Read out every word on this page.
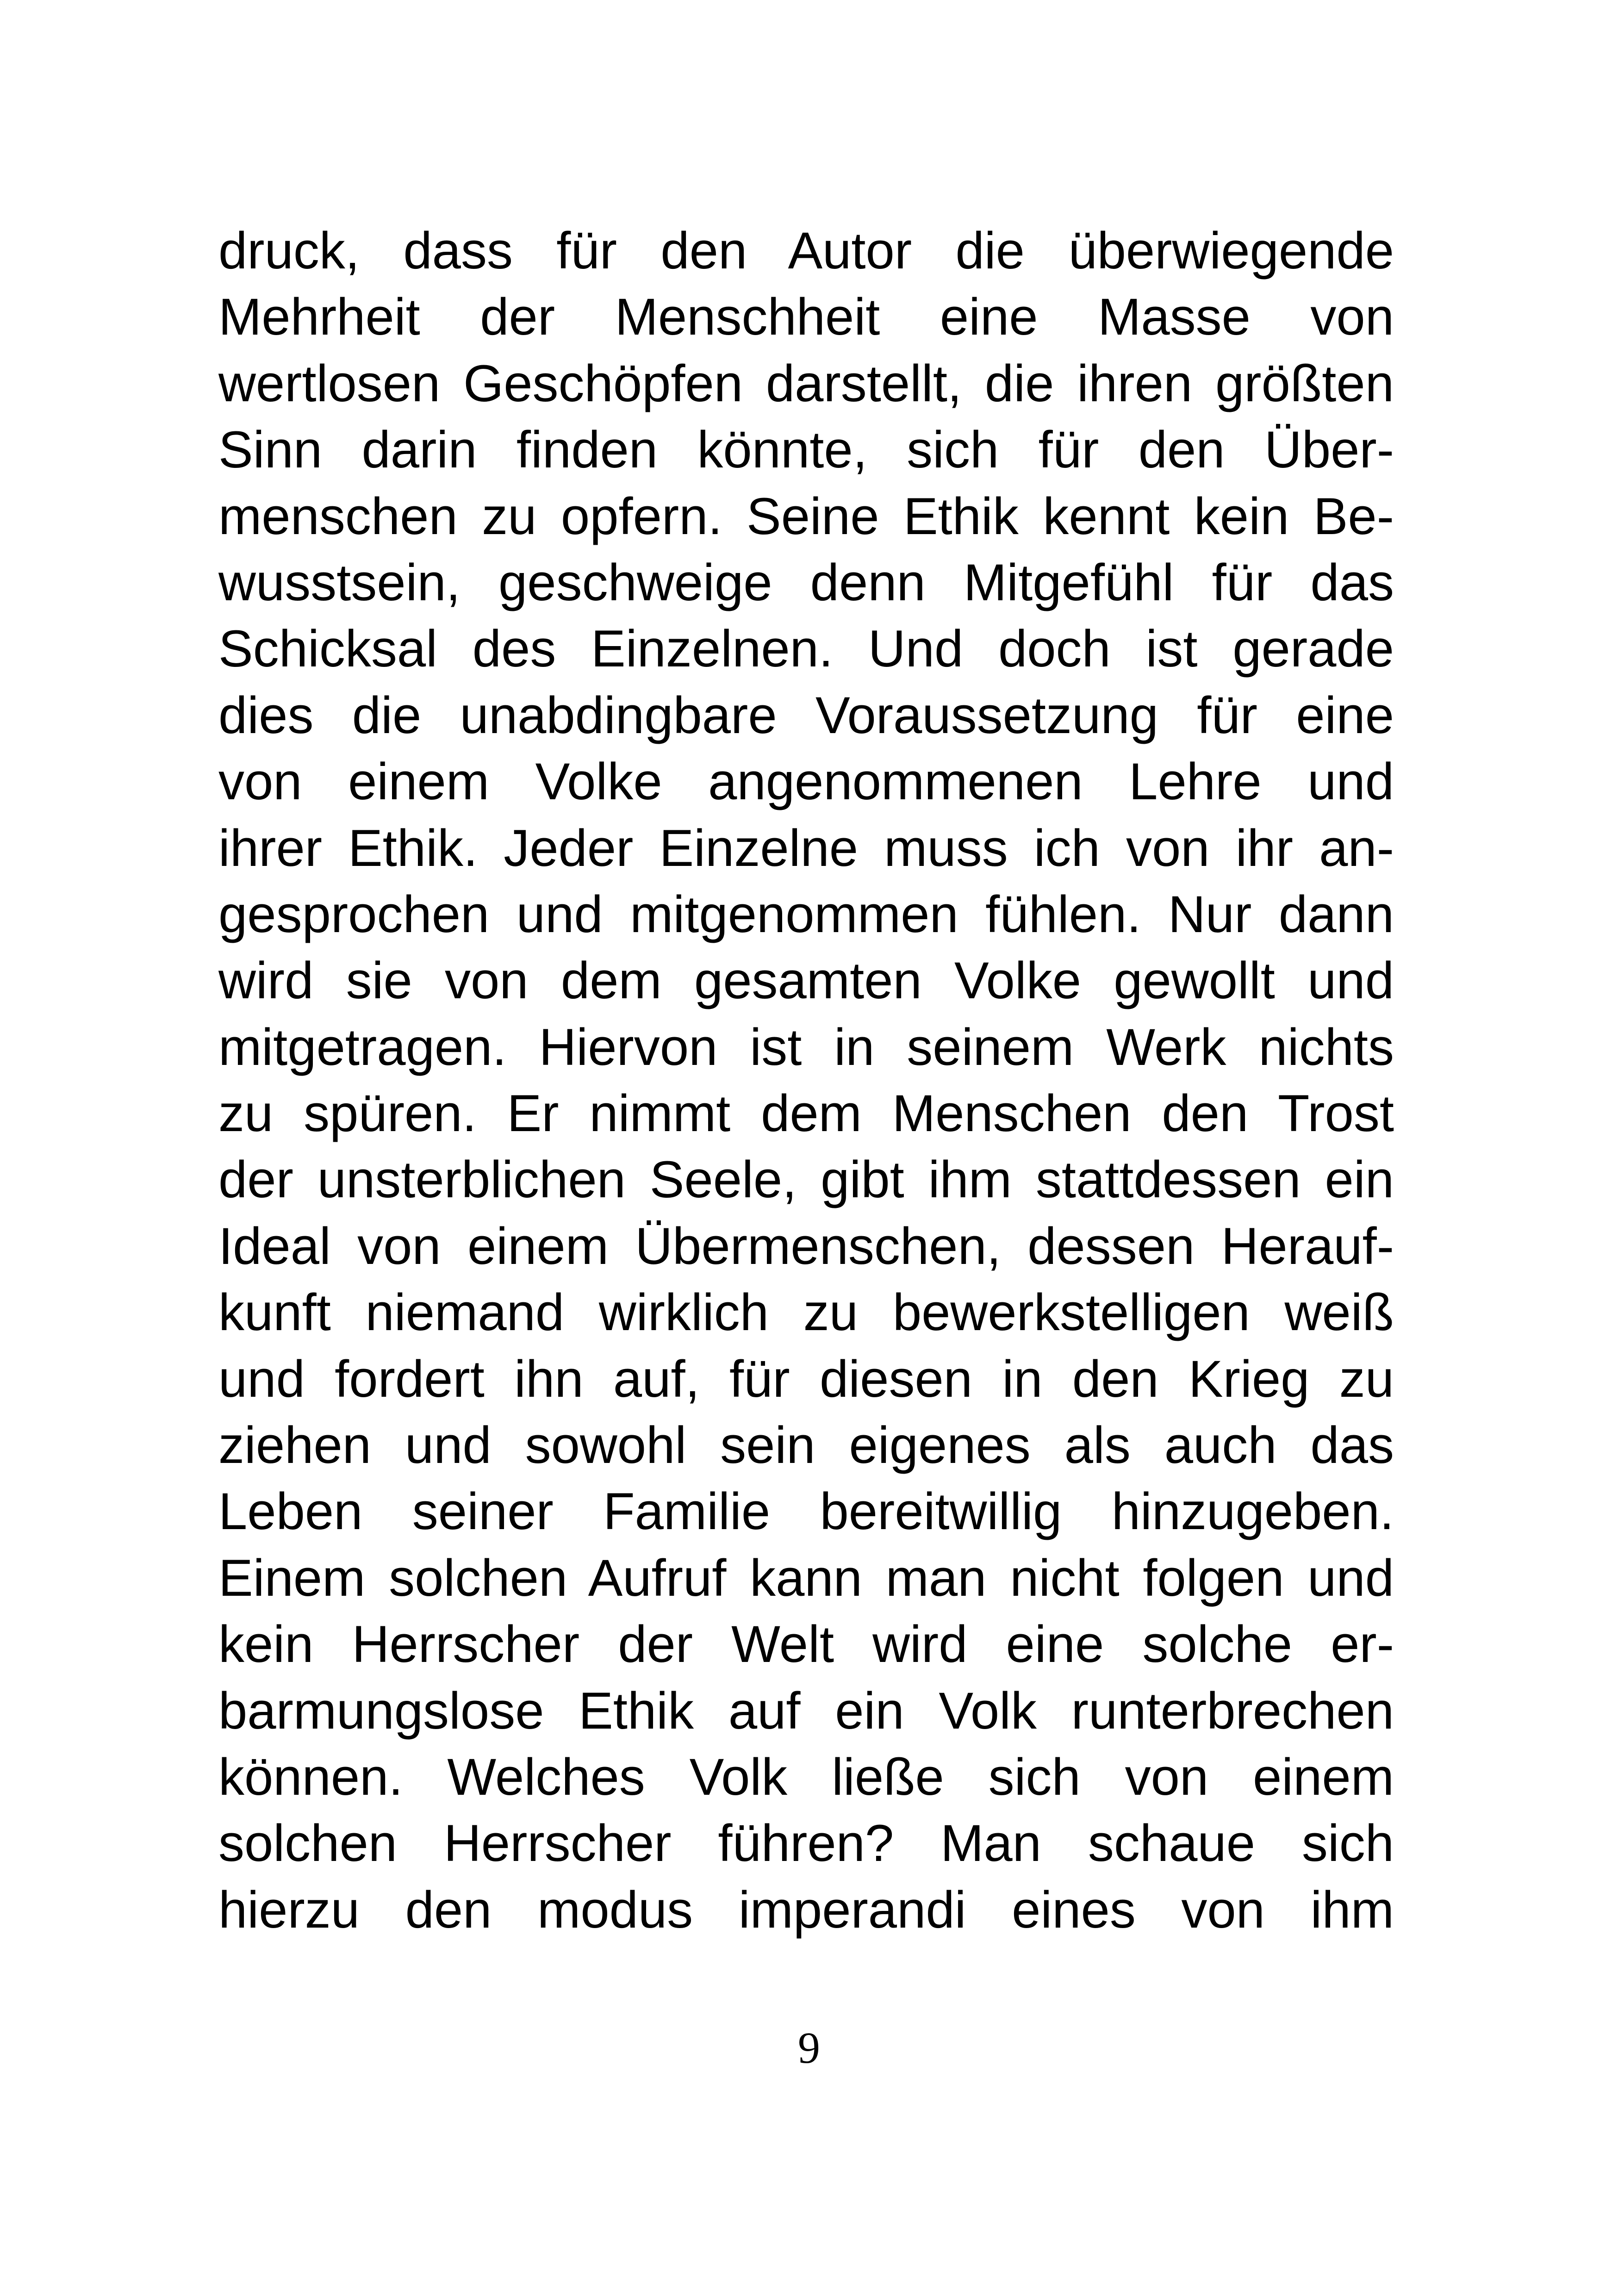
druck, dass für den Autor die überwiegende
Mehrheit der Menschheit eine Masse von
wertlosen Geschöpfen darstellt, die ihren größten
Sinn darin finden könnte, sich für den Über-
menschen zu opfern. Seine Ethik kennt kein Be-
wusstsein, geschweige denn Mitgefühl für das
Schicksal des Einzelnen. Und doch ist gerade
dies die unabdingbare Voraussetzung für eine
von einem Volke angenommenen Lehre und
ihrer Ethik. Jeder Einzelne muss ich von ihr an-
gesprochen und mitgenommen fühlen. Nur dann
wird sie von dem gesamten Volke gewollt und
mitgetragen. Hiervon ist in seinem Werk nichts
zu spüren. Er nimmt dem Menschen den Trost
der unsterblichen Seele, gibt ihm stattdessen ein
Ideal von einem Übermenschen, dessen Herauf-
kunft niemand wirklich zu bewerkstelligen weiß
und fordert ihn auf, für diesen in den Krieg zu
ziehen und sowohl sein eigenes als auch das
Leben seiner Familie bereitwillig hinzugeben.
Einem solchen Aufruf kann man nicht folgen und
kein Herrscher der Welt wird eine solche er-
barmungslose Ethik auf ein Volk runterbrechen
können. Welches Volk ließe sich von einem
solchen Herrscher führen? Man schaue sich
hierzu den modus imperandi eines von ihm
9
